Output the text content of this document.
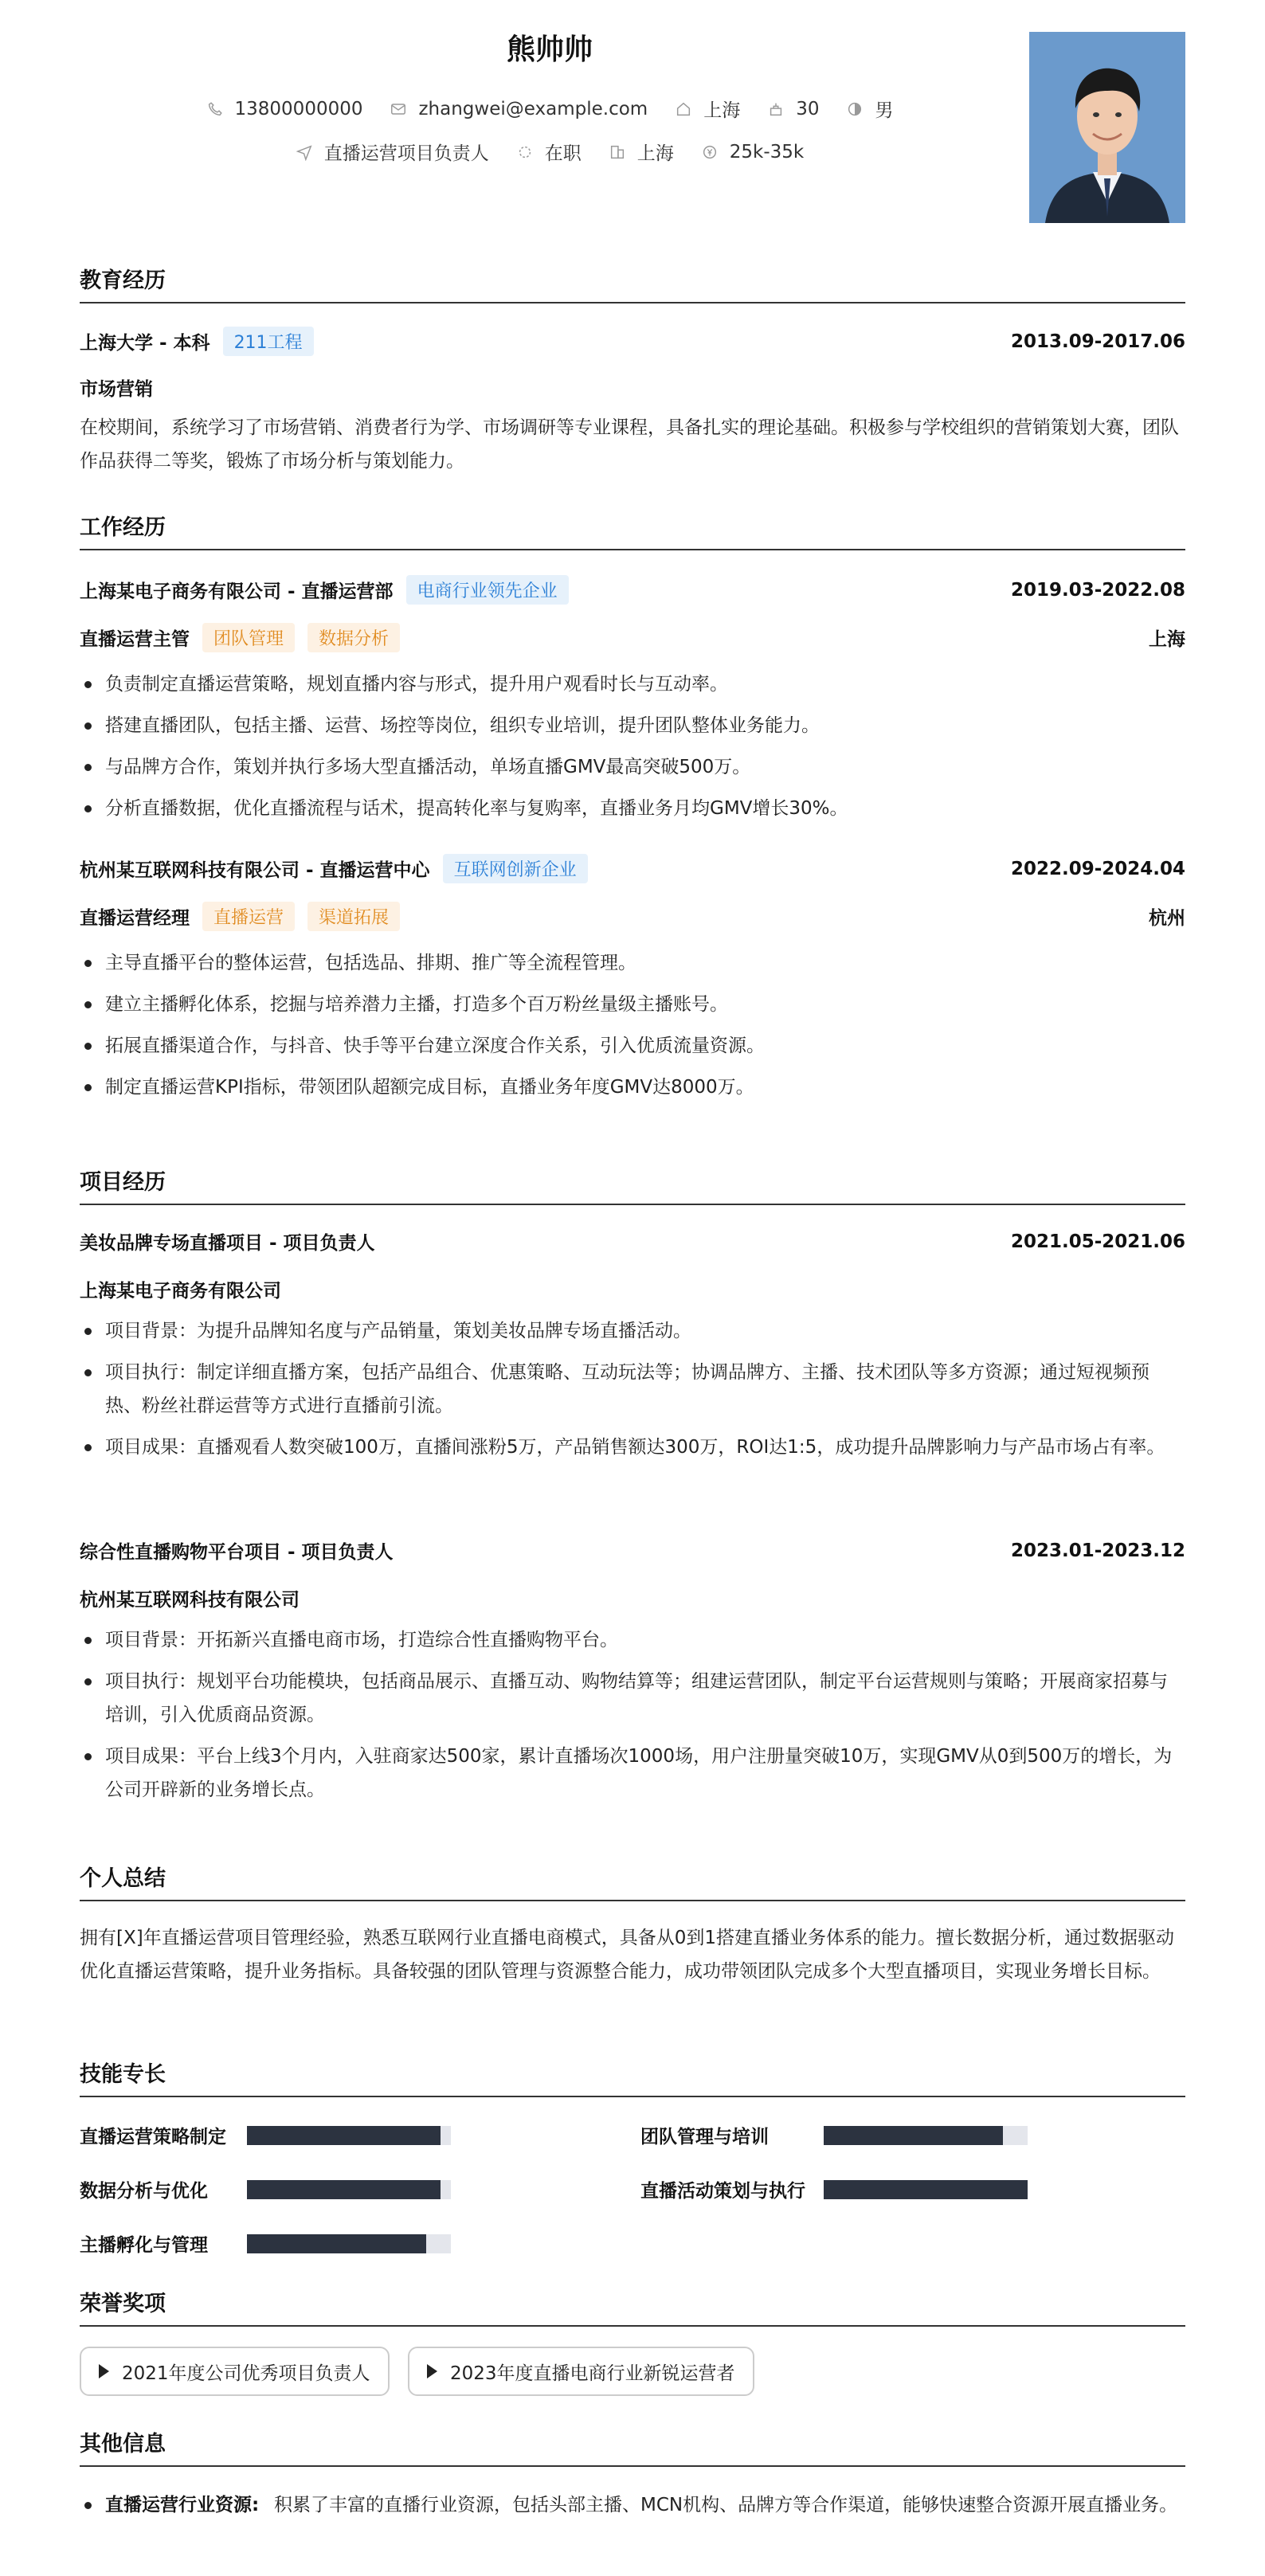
熊帅帅
13800000000	zhangwei@example.com	上海	30	男
直播运营项目负责人	在职	上海	25k-35k
教育经历
上海大学 - 本科	211工程	2013.09-2017.06
市场营销
在校期间，系统学习了市场营销、消费者行为学、市场调研等专业课程，具备扎实的理论基础。积极参与学校组织的营销策划大赛，团队作品获得二等奖，锻炼了市场分析与策划能力。
工作经历
上海某电子商务有限公司 - 直播运营部	电商行业领先企业	2019.03-2022.08
直播运营主管	团队管理	数据分析	上海
负责制定直播运营策略，规划直播内容与形式，提升用户观看时长与互动率。
搭建直播团队，包括主播、运营、场控等岗位，组织专业培训，提升团队整体业务能力。
与品牌方合作，策划并执行多场大型直播活动，单场直播GMV最高突破500万。
分析直播数据，优化直播流程与话术，提高转化率与复购率，直播业务月均GMV增长30%。
杭州某互联网科技有限公司 - 直播运营中心	互联网创新企业	2022.09-2024.04
直播运营经理	直播运营	渠道拓展	杭州
主导直播平台的整体运营，包括选品、排期、推广等全流程管理。
建立主播孵化体系，挖掘与培养潜力主播，打造多个百万粉丝量级主播账号。
拓展直播渠道合作，与抖音、快手等平台建立深度合作关系，引入优质流量资源。
制定直播运营KPI指标，带领团队超额完成目标，直播业务年度GMV达8000万。
项目经历
美妆品牌专场直播项目 - 项目负责人	2021.05-2021.06
上海某电子商务有限公司
项目背景：为提升品牌知名度与产品销量，策划美妆品牌专场直播活动。
项目执行：制定详细直播方案，包括产品组合、优惠策略、互动玩法等；协调品牌方、主播、技术团队等多方资源；通过短视频预热、粉丝社群运营等方式进行直播前引流。
项目成果：直播观看人数突破100万，直播间涨粉5万，产品销售额达300万，ROI达1:5，成功提升品牌影响力与产品市场占有率。
综合性直播购物平台项目 - 项目负责人	2023.01-2023.12
杭州某互联网科技有限公司
项目背景：开拓新兴直播电商市场，打造综合性直播购物平台。
项目执行：规划平台功能模块，包括商品展示、直播互动、购物结算等；组建运营团队，制定平台运营规则与策略；开展商家招募与培训，引入优质商品资源。
项目成果：平台上线3个月内，入驻商家达500家，累计直播场次1000场，用户注册量突破10万，实现GMV从0到500万的增长，为公司开辟新的业务增长点。
个人总结
拥有[X]年直播运营项目管理经验，熟悉互联网行业直播电商模式，具备从0到1搭建直播业务体系的能力。擅长数据分析，通过数据驱动优化直播运营策略，提升业务指标。具备较强的团队管理与资源整合能力，成功带领团队完成多个大型直播项目，实现业务增长目标。
技能专长
直播运营策略制定	团队管理与培训
数据分析与优化	直播活动策划与执行
主播孵化与管理
荣誉奖项
2021年度公司优秀项目负责人	2023年度直播电商行业新锐运营者
其他信息
直播运营行业资源: 积累了丰富的直播行业资源，包括头部主播、MCN机构、品牌方等合作渠道，能够快速整合资源开展直播业务。
